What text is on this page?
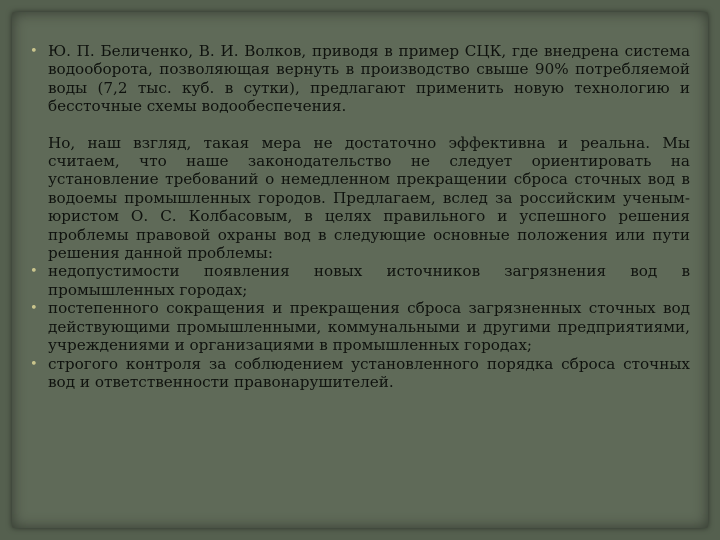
• Ю. П. Беличенко, В. И. Волков, приводя в пример СЦК, где внедрена система водооборота, позволяющая вернуть в производство свыше 90% потребляемой воды (7,2 тыс. куб. в сутки), предлагают применить новую технологию и бессточные схемы водообеспечения.

Но, наш взгляд, такая мера не достаточно эффективна и реальна. Мы считаем, что наше законодательство не следует ориентировать на установление требований о немедленном прекращении сброса сточных вод в водоемы промышленных городов. Предлагаем, вслед за российским ученым-юристом О. С. Колбасовым, в целях правильного и успешного решения проблемы правовой охраны вод в следующие основные положения или пути решения данной проблемы:

• недопустимости появления новых источников загрязнения вод в промышленных городах;

• постепенного сокращения и прекращения сброса загрязненных сточных вод действующими промышленными, коммунальными и другими предприятиями, учреждениями и организациями в промышленных городах;

• строгого контроля за соблюдением установленного порядка сброса сточных вод и ответственности правонарушителей.
